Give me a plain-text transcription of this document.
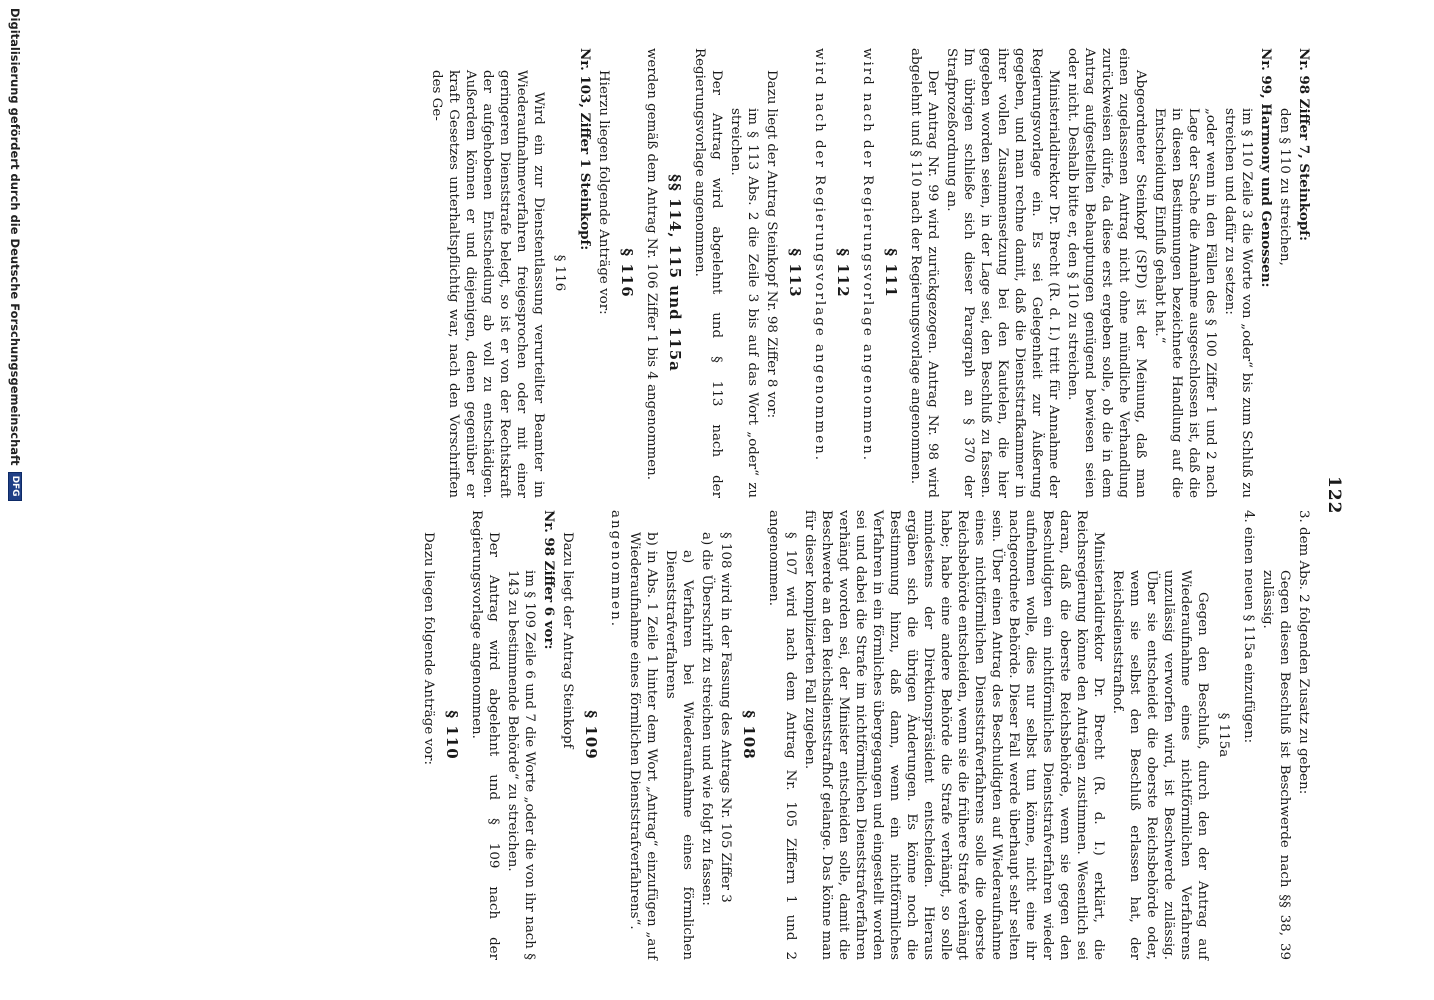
122

3. dem Abs. 2 folgenden Zusatz zu geben:

Gegen diesen Beschluß ist Beschwerde nach §§ 38, 39 zulässig.

4. einen neuen § 115a einzufügen:

§ 115a

Gegen den Beschluß, durch den der Antrag auf Wiederaufnahme eines nichtförmlichen Verfahrens unzulässig verworfen wird, ist Beschwerde zulässig. Über sie entscheidet die oberste Reichsbehörde oder, wenn sie selbst den Beschluß erlassen hat, der Reichsdienststrafhof.

Ministerialdirektor Dr. Brecht (R. d. I.) erklärt, die Reichsregierung könne den Anträgen zustimmen. Wesentlich sei daran, daß die oberste Reichsbehörde, wenn sie gegen den Beschuldigten ein nichtförmliches Dienststrafverfahren wieder aufnehmen wolle, dies nur selbst tun könne, nicht eine ihr nachgeordnete Behörde. Dieser Fall werde überhaupt sehr selten sein. Über einen Antrag des Beschuldigten auf Wiederaufnahme eines nichtförmlichen Dienststrafverfahrens solle die oberste Reichsbehörde entscheiden, wenn sie die frühere Strafe verhängt habe; habe eine andere Behörde die Strafe verhängt, so solle mindestens der Direktionspräsident entscheiden. Hieraus ergäben sich die übrigen Änderungen. Es könne noch die Bestimmung hinzu, daß dann, wenn ein nichtförmliches Verfahren in ein förmliches übergegangen und eingestellt worden sei und dabei die Strafe im nichtförmlichen Dienststrafverfahren verhängt worden sei, der Minister entscheiden solle, damit die Beschwerde an den Reichsdienststrafhof gelange. Das könne man für dieser komplizierten Fall zugeben.

§ 107 wird nach dem Antrag Nr. 105 Ziffern 1 und 2 angenommen.

§ 108

§ 108 wird in der Fassung des Antrags Nr. 105 Ziffer 3

a) die Überschrift zu streichen und wie folgt zu fassen:

a) Verfahren bei Wiederaufnahme eines förmlichen Dienststrafverfahrens

b) in Abs. 1 Zeile 1 hinter dem Wort „Antrag“ einzufügen „auf Wiederaufnahme eines förmlichen Dienststrafverfahrens“.

angenommen.

§ 109

Dazu liegt der Antrag Steinkopf

Nr. 98 Ziffer 6 vor:

im § 109 Zeile 6 und 7 die Worte „oder die von ihr nach § 143 zu bestimmende Behörde“ zu streichen.

Der Antrag wird abgelehnt und § 109 nach der Regierungsvorlage angenommen.

§ 110

Dazu liegen folgende Anträge vor:

Nr. 98 Ziffer 7, Steinkopf:

den § 110 zu streichen,

Nr. 99, Harmony und Genossen:

im § 110 Zeile 3 die Worte von „oder“ bis zum Schluß zu streichen und dafür zu setzen:

„oder wenn in den Fällen des § 100 Ziffer 1 und 2 nach Lage der Sache die Annahme ausgeschlossen ist, daß die in diesen Bestimmungen bezeichnete Handlung auf die Entscheidung Einfluß gehabt hat.“

Abgeordneter Steinkopf (SPD) ist der Meinung, daß man einen zugelassenen Antrag nicht ohne mündliche Verhandlung zurückweisen dürfe, da diese erst ergeben solle, ob die in dem Antrag aufgestellten Behauptungen genügend bewiesen seien oder nicht. Deshalb bitte er, den § 110 zu streichen.

Ministerialdirektor Dr. Brecht (R. d. I.) tritt für Annahme der Regierungsvorlage ein. Es sei Gelegenheit zur Äußerung gegeben, und man rechne damit, daß die Dienststrafkammer in ihrer vollen Zusammensetzung bei den Kautelen, die hier gegeben worden seien, in der Lage sei, den Beschluß zu fassen. Im übrigen schließe sich dieser Paragraph an § 370 der Strafprozeßordnung an.

Der Antrag Nr. 99 wird zurückgezogen. Antrag Nr. 98 wird abgelehnt und § 110 nach der Regierungsvorlage angenommen.

§ 111

wird nach der Regierungsvorlage angenommen.

§ 112

wird nach der Regierungsvorlage angenommen.

§ 113

Dazu liegt der Antrag Steinkopf Nr. 98 Ziffer 8 vor:

im § 113 Abs. 2 die Zeile 3 bis auf das Wort „oder“ zu streichen.

Der Antrag wird abgelehnt und § 113 nach der Regierungsvorlage angenommen.

§§ 114, 115 und 115a

werden gemäß dem Antrag Nr. 106 Ziffer 1 bis 4 angenommen.

§ 116

Hierzu liegen folgende Anträge vor:

Nr. 103, Ziffer 1 Steinkopf:

§ 116

Wird ein zur Dienstentlassung verurteilter Beamter im Wiederaufnahmeverfahren freigesprochen oder mit einer geringeren Dienststrafe belegt, so ist er von der Rechtskraft der aufgehobenen Entscheidung ab voll zu entschädigen. Außerdem können er und diejenigen, denen gegenüber er kraft Gesetzes unterhaltspflichtig war, nach den Vorschriften des Ge-

Digitalisierung gefördert durch die Deutsche Forschungsgemeinschaft
DFG
